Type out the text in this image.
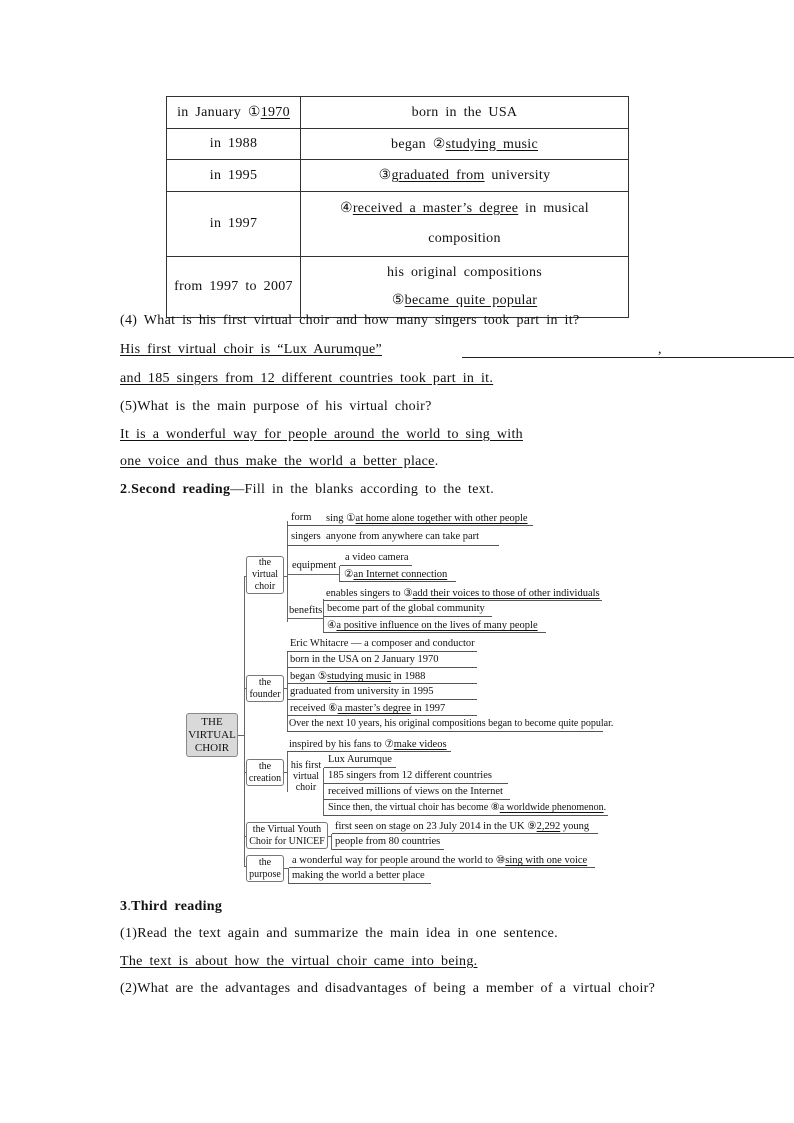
in January ①1970	born in the USA
in 1988	began ②studying music
in 1995	③graduated from university
in 1997	④received a master’s degree in musical
composition
from 1997 to 2007	his original compositions
⑤became quite popular
(4) What is his first virtual choir and how many singers took part in it?
His first virtual choir is “Lux Aurumque”	,
and 185 singers from 12 different countries took part in it.
(5)What is the main purpose of his virtual choir?
It is a wonderful way for people around the world to sing with
one voice and thus make the world a better place.
2.Second reading—Fill in the blanks according to the text.
THE VIRTUAL CHOIR
the virtual choir
form sing ①at home alone together with other people
singers anyone from anywhere can take part
equipment
a video camera
②an Internet connection
benefits
enables singers to ③add their voices to those of other individuals
become part of the global community
④a positive influence on the lives of many people
the founder
Eric Whitacre — a composer and conductor
born in the USA on 2 January 1970
began ⑤studying music in 1988
graduated from university in 1995
received ⑥a master’s degree in 1997
Over the next 10 years, his original compositions began to become quite popular.
the creation
inspired by his fans to ⑦make videos
his first virtual choir
Lux Aurumque
185 singers from 12 different countries
received millions of views on the Internet
Since then, the virtual choir has become ⑧a worldwide phenomenon.
the Virtual Youth Choir for UNICEF
first seen on stage on 23 July 2014 in the UK ⑨2,292 young
people from 80 countries
the purpose
a wonderful way for people around the world to ⑩sing with one voice
making the world a better place
3.Third reading
(1)Read the text again and summarize the main idea in one sentence.
The text is about how the virtual choir came into being.
(2)What are the advantages and disadvantages of being a member of a virtual choir?
